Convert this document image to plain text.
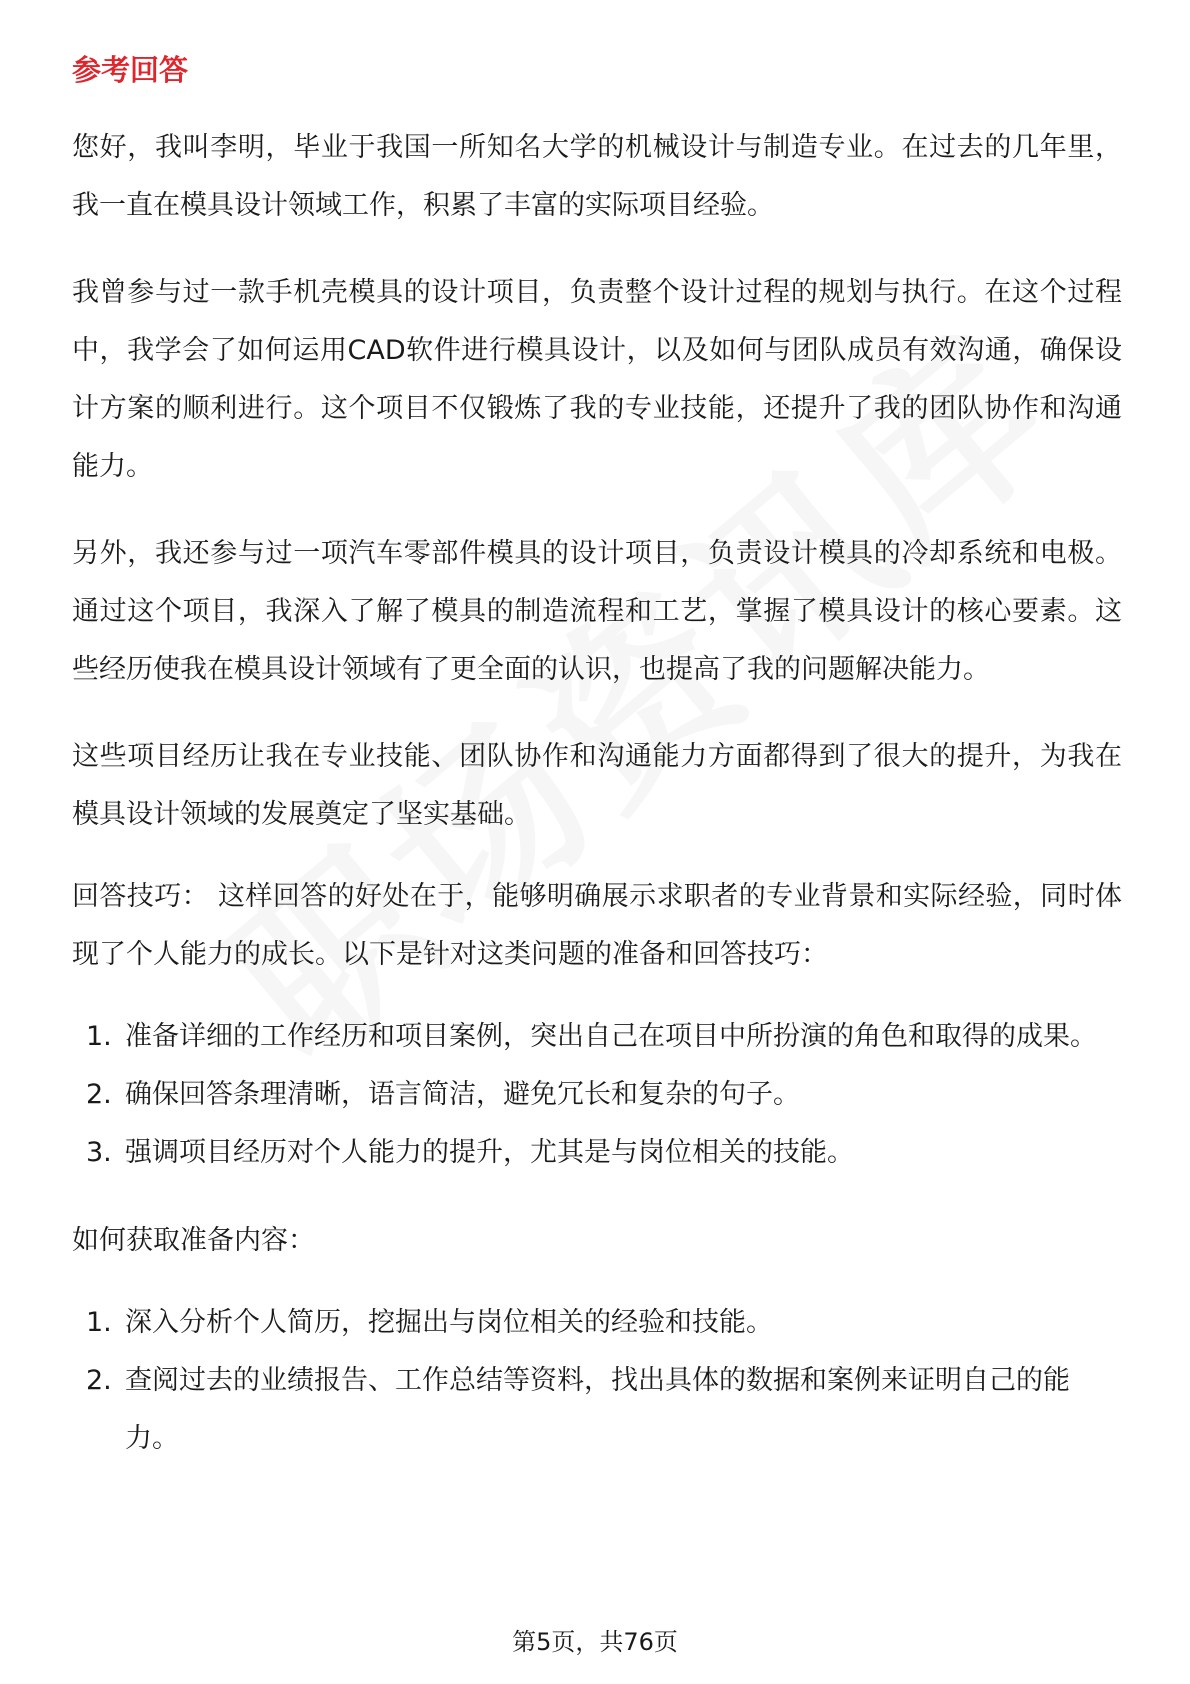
参考回答

您好，我叫李明，毕业于我国一所知名大学的机械设计与制造专业。在过去的几年里，我一直在模具设计领域工作，积累了丰富的实际项目经验。

我曾参与过一款手机壳模具的设计项目，负责整个设计过程的规划与执行。在这个过程中，我学会了如何运用CAD软件进行模具设计，以及如何与团队成员有效沟通，确保设计方案的顺利进行。这个项目不仅锻炼了我的专业技能，还提升了我的团队协作和沟通能力。

另外，我还参与过一项汽车零部件模具的设计项目，负责设计模具的冷却系统和电极。通过这个项目，我深入了解了模具的制造流程和工艺，掌握了模具设计的核心要素。这些经历使我在模具设计领域有了更全面的认识，也提高了我的问题解决能力。

这些项目经历让我在专业技能、团队协作和沟通能力方面都得到了很大的提升，为我在模具设计领域的发展奠定了坚实基础。

回答技巧： 这样回答的好处在于，能够明确展示求职者的专业背景和实际经验，同时体现了个人能力的成长。以下是针对这类问题的准备和回答技巧：

1. 准备详细的工作经历和项目案例，突出自己在项目中所扮演的角色和取得的成果。
2. 确保回答条理清晰，语言简洁，避免冗长和复杂的句子。
3. 强调项目经历对个人能力的提升，尤其是与岗位相关的技能。

如何获取准备内容：

1. 深入分析个人简历，挖掘出与岗位相关的经验和技能。
2. 查阅过去的业绩报告、工作总结等资料，找出具体的数据和案例来证明自己的能力。
第5页，共76页
